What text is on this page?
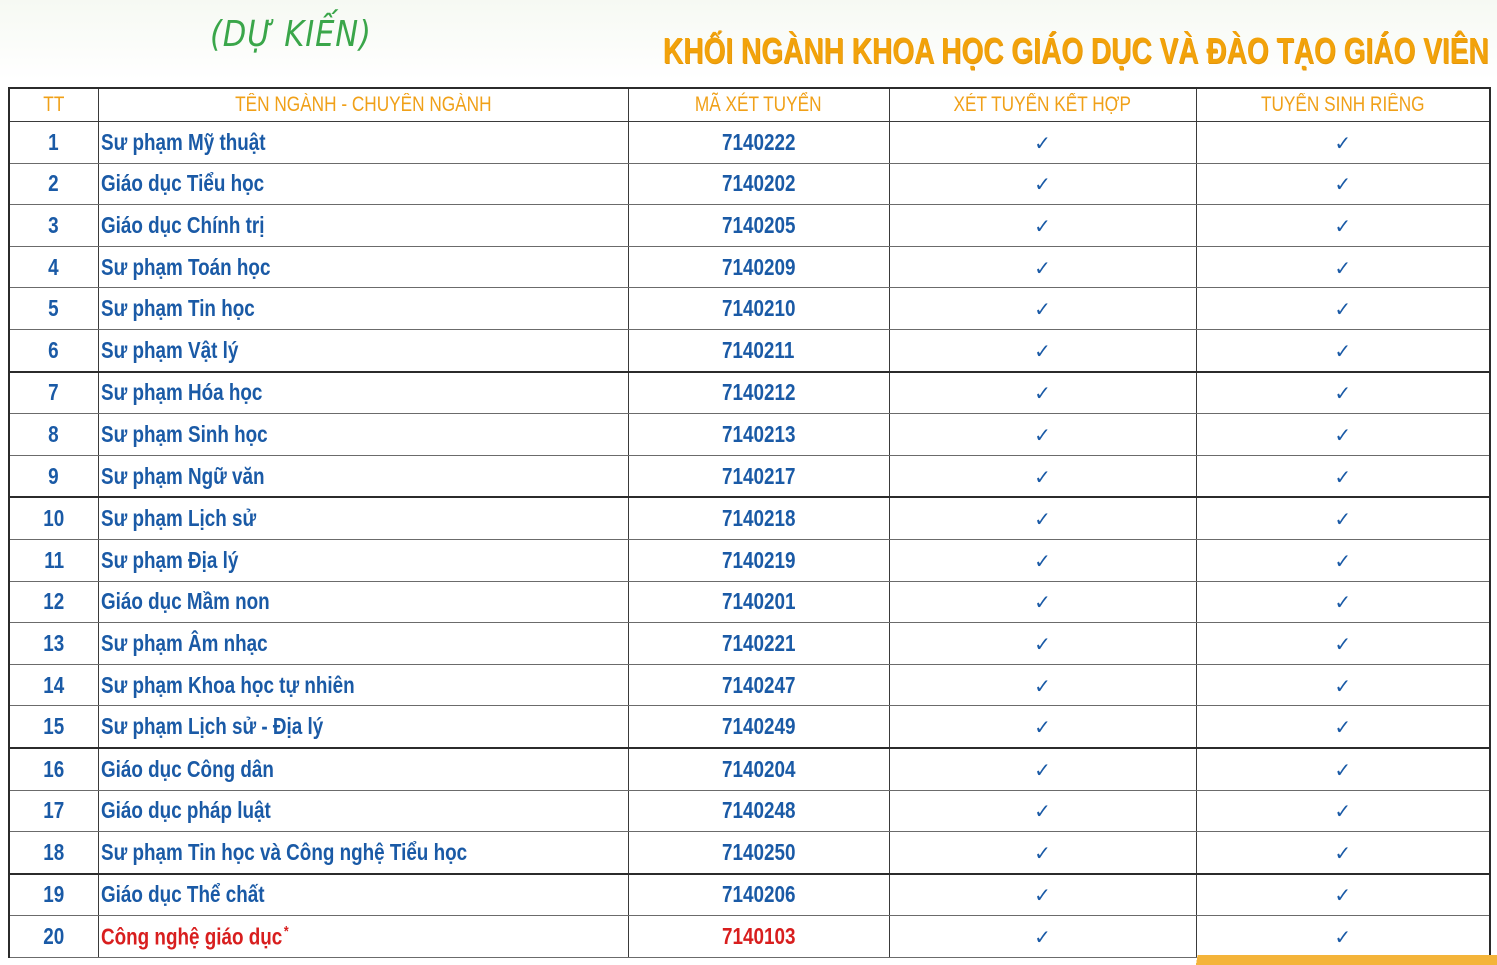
(DỰ KIẾN)	KHỐI NGÀNH KHOA HỌC GIÁO DỤC VÀ ĐÀO TẠO GIÁO VIÊN
TT	TÊN NGÀNH - CHUYÊN NGÀNH	MÃ XÉT TUYỂN	XÉT TUYỂN KẾT HỢP	TUYỂN SINH RIÊNG
1	Sư phạm Mỹ thuật	7140222	✓	✓
2	Giáo dục Tiểu học	7140202	✓	✓
3	Giáo dục Chính trị	7140205	✓	✓
4	Sư phạm Toán học	7140209	✓	✓
5	Sư phạm Tin học	7140210	✓	✓
6	Sư phạm Vật lý	7140211	✓	✓
7	Sư phạm Hóa học	7140212	✓	✓
8	Sư phạm Sinh học	7140213	✓	✓
9	Sư phạm Ngữ văn	7140217	✓	✓
10	Sư phạm Lịch sử	7140218	✓	✓
11	Sư phạm Địa lý	7140219	✓	✓
12	Giáo dục Mầm non	7140201	✓	✓
13	Sư phạm Âm nhạc	7140221	✓	✓
14	Sư phạm Khoa học tự nhiên	7140247	✓	✓
15	Sư phạm Lịch sử - Địa lý	7140249	✓	✓
16	Giáo dục Công dân	7140204	✓	✓
17	Giáo dục pháp luật	7140248	✓	✓
18	Sư phạm Tin học và Công nghệ Tiểu học	7140250	✓	✓
19	Giáo dục Thể chất	7140206	✓	✓
20	Công nghệ giáo dục *	7140103	✓	✓
